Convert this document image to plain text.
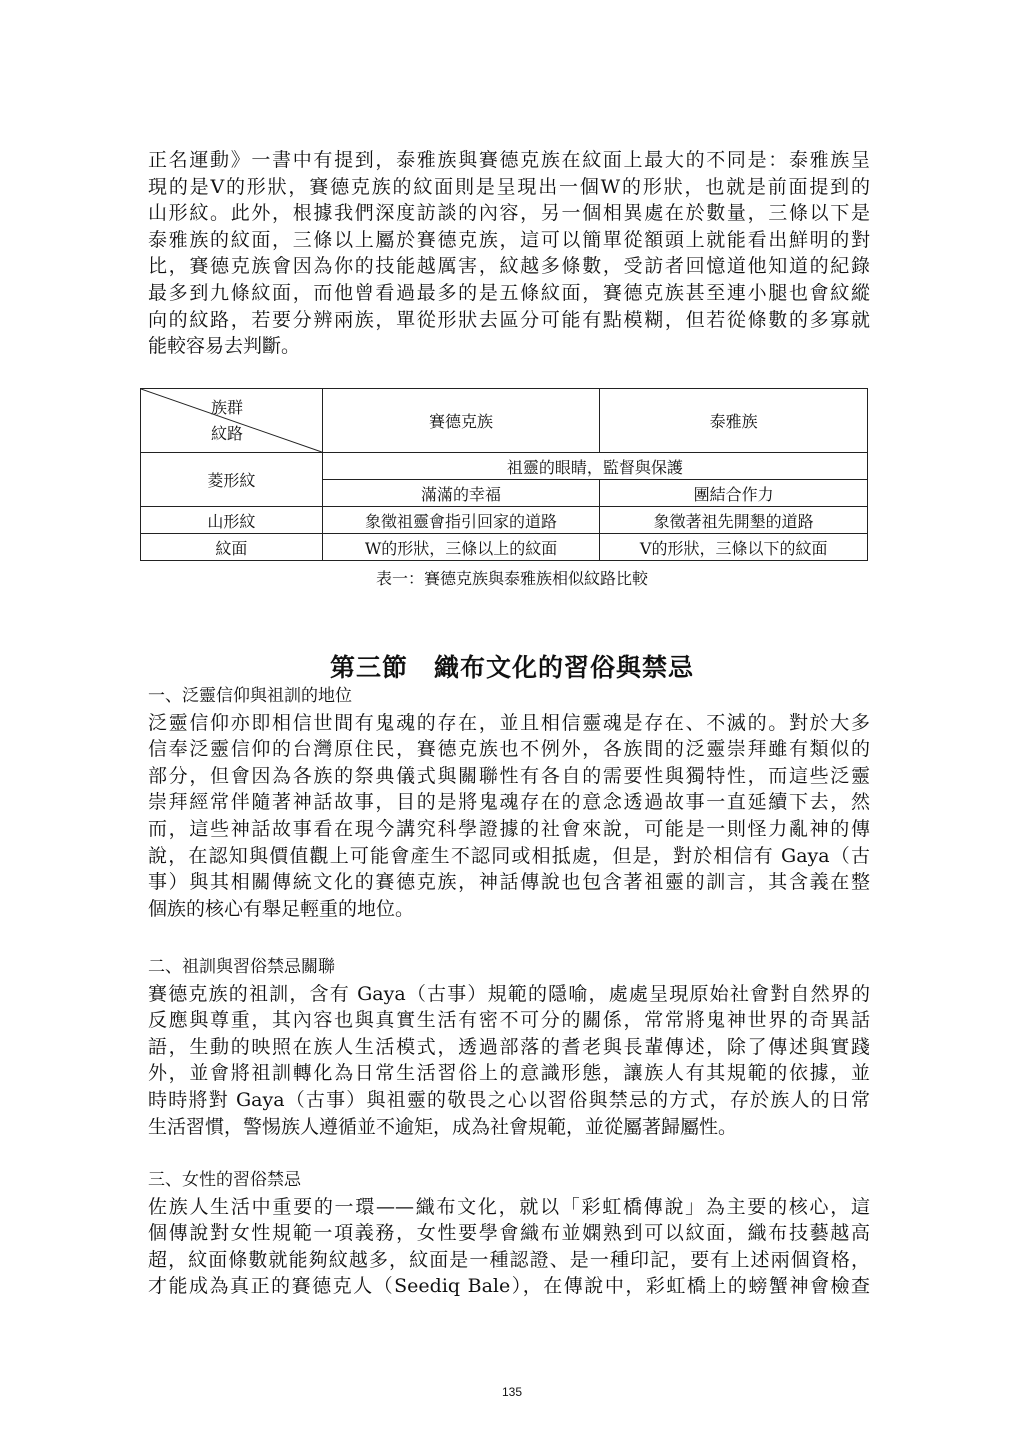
正名運動》一書中有提到，泰雅族與賽德克族在紋面上最大的不同是：泰雅族呈
現的是V的形狀，賽德克族的紋面則是呈現出一個W的形狀，也就是前面提到的
山形紋。此外，根據我們深度訪談的內容，另一個相異處在於數量，三條以下是
泰雅族的紋面，三條以上屬於賽德克族，這可以簡單從額頭上就能看出鮮明的對
比，賽德克族會因為你的技能越厲害，紋越多條數，受訪者回憶道他知道的紀錄
最多到九條紋面，而他曾看過最多的是五條紋面，賽德克族甚至連小腿也會紋縱
向的紋路，若要分辨兩族，單從形狀去區分可能有點模糊，但若從條數的多寡就
能較容易去判斷。
族群
紋路	賽德克族	泰雅族
菱形紋	祖靈的眼睛，監督與保護	
	滿滿的幸福	團結合作力
山形紋	象徵祖靈會指引回家的道路	象徵著祖先開墾的道路
紋面	W的形狀，三條以上的紋面	V的形狀，三條以下的紋面
表一：賽德克族與泰雅族相似紋路比較
第三節　織布文化的習俗與禁忌
一、泛靈信仰與祖訓的地位
泛靈信仰亦即相信世間有鬼魂的存在，並且相信靈魂是存在、不滅的。對於大多
信奉泛靈信仰的台灣原住民，賽德克族也不例外，各族間的泛靈崇拜雖有類似的
部分，但會因為各族的祭典儀式與關聯性有各自的需要性與獨特性，而這些泛靈
崇拜經常伴隨著神話故事，目的是將鬼魂存在的意念透過故事一直延續下去，然
而，這些神話故事看在現今講究科學證據的社會來說，可能是一則怪力亂神的傳
說，在認知與價值觀上可能會產生不認同或相抵處，但是，對於相信有 Gaya（古
事）與其相關傳統文化的賽德克族，神話傳說也包含著祖靈的訓言，其含義在整
個族的核心有舉足輕重的地位。
二、祖訓與習俗禁忌關聯
賽德克族的祖訓，含有 Gaya（古事）規範的隱喻，處處呈現原始社會對自然界的
反應與尊重，其內容也與真實生活有密不可分的關係，常常將鬼神世界的奇異話
語，生動的映照在族人生活模式，透過部落的耆老與長輩傳述，除了傳述與實踐
外，並會將祖訓轉化為日常生活習俗上的意識形態，讓族人有其規範的依據，並
時時將對 Gaya（古事）與祖靈的敬畏之心以習俗與禁忌的方式，存於族人的日常
生活習慣，警惕族人遵循並不逾矩，成為社會規範，並從屬著歸屬性。
三、女性的習俗禁忌
佐族人生活中重要的一環——織布文化，就以「彩虹橋傳說」為主要的核心，這
個傳說對女性規範一項義務，女性要學會織布並嫻熟到可以紋面，織布技藝越高
超，紋面條數就能夠紋越多，紋面是一種認證、是一種印記，要有上述兩個資格，
才能成為真正的賽德克人（Seediq Bale），在傳說中，彩虹橋上的螃蟹神會檢查
135
